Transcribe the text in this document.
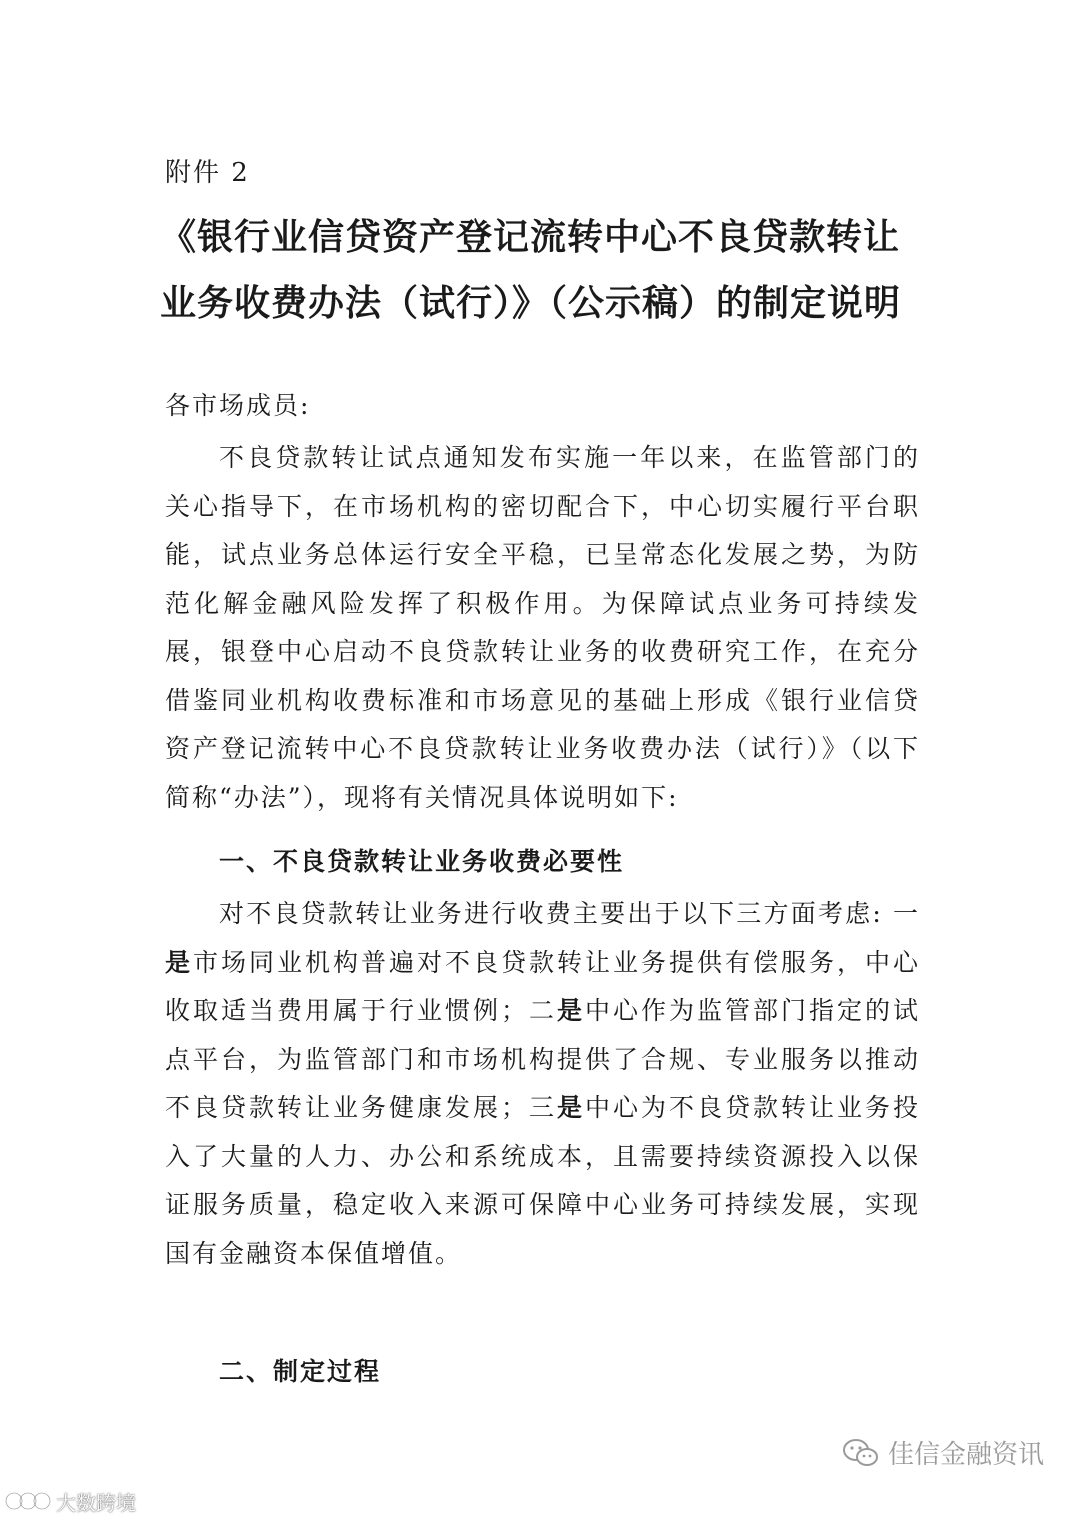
附件 2
《银行业信贷资产登记流转中心不良贷款转让
业务收费办法（试行）》（公示稿）的制定说明
各市场成员:

不良贷款转让试点通知发布实施一年以来，在监管部门的关心指导下，在市场机构的密切配合下，中心切实履行平台职能，试点业务总体运行安全平稳，已呈常态化发展之势，为防范化解金融风险发挥了积极作用。为保障试点业务可持续发展，银登中心启动不良贷款转让业务的收费研究工作，在充分借鉴同业机构收费标准和市场意见的基础上形成《银行业信贷资产登记流转中心不良贷款转让业务收费办法（试行）》（以下简称“办法”），现将有关情况具体说明如下:

一、不良贷款转让业务收费必要性

对不良贷款转让业务进行收费主要出于以下三方面考虑: 一是市场同业机构普遍对不良贷款转让业务提供有偿服务，中心收取适当费用属于行业惯例；二是中心作为监管部门指定的试点平台，为监管部门和市场机构提供了合规、专业服务以推动不良贷款转让业务健康发展；三是中心为不良贷款转让业务投入了大量的人力、办公和系统成本，且需要持续资源投入以保证服务质量，稳定收入来源可保障中心业务可持续发展，实现国有金融资本保值增值。

二、制定过程
佳信金融资讯
大数跨境
